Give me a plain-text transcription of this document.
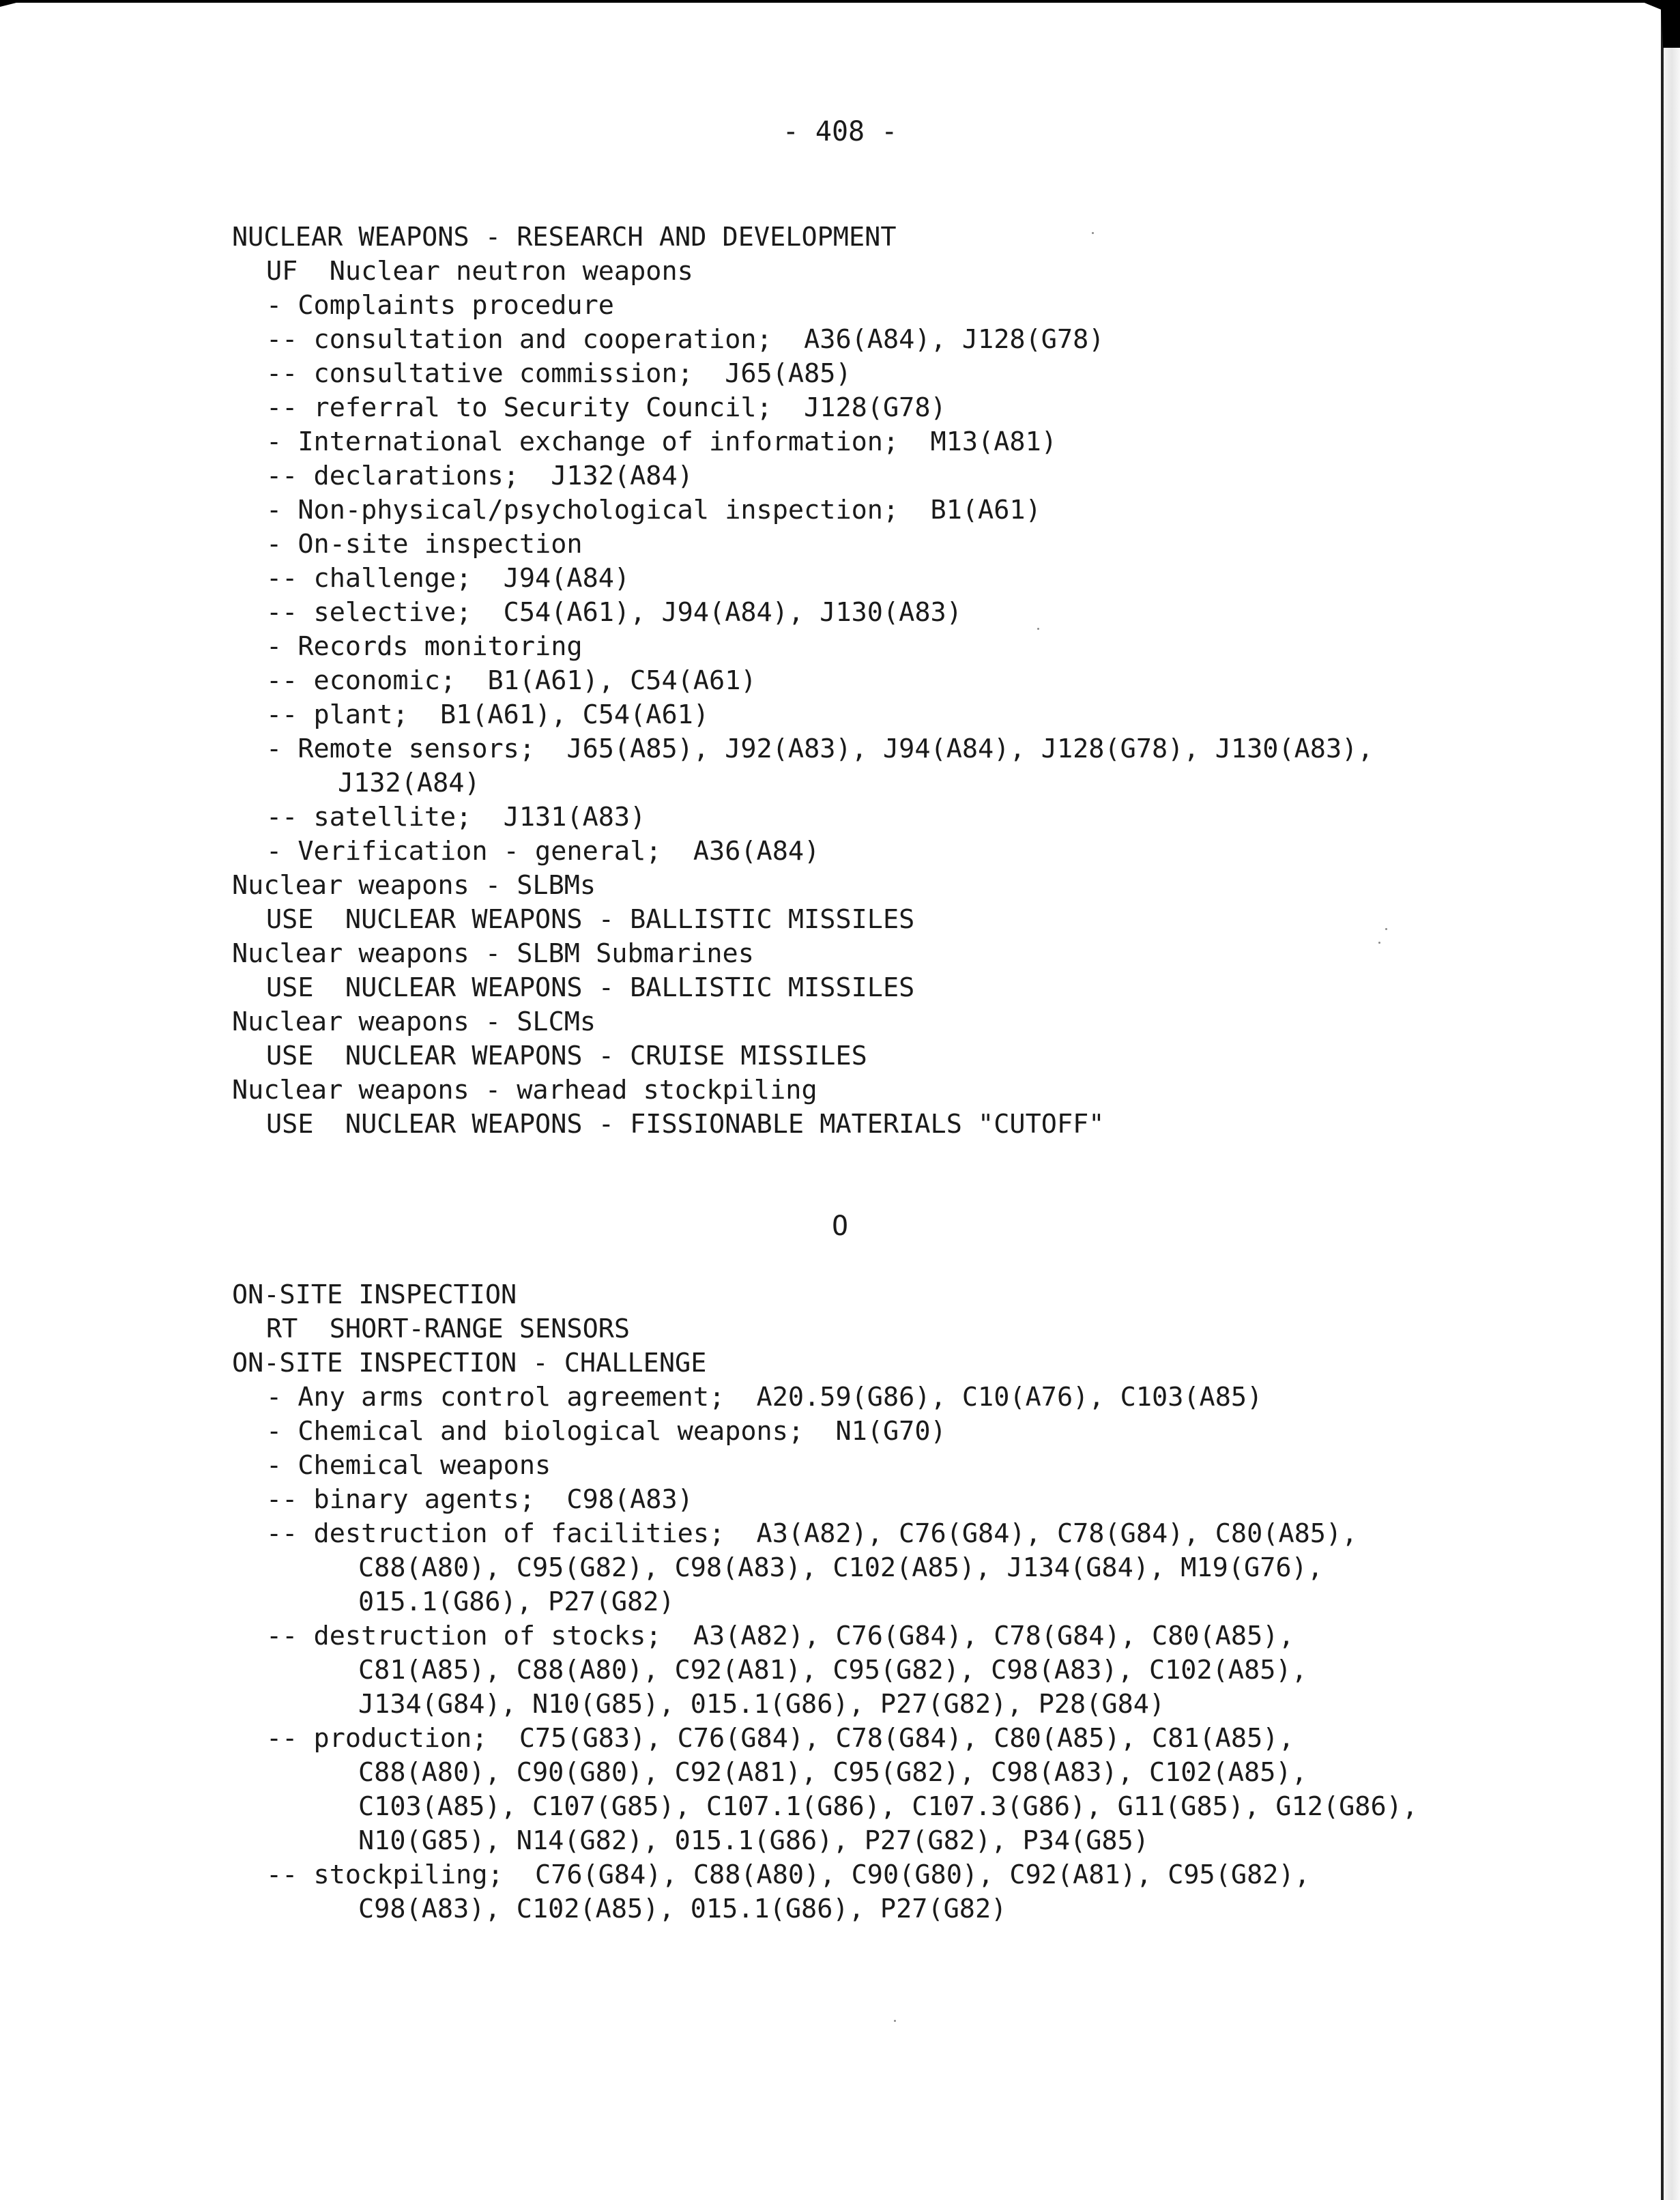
- 408 -
NUCLEAR WEAPONS - RESEARCH AND DEVELOPMENT
UF  Nuclear neutron weapons
- Complaints procedure
-- consultation and cooperation;  A36(A84), J128(G78)
-- consultative commission;  J65(A85)
-- referral to Security Council;  J128(G78)
- International exchange of information;  M13(A81)
-- declarations;  J132(A84)
- Non-physical/psychological inspection;  B1(A61)
- On-site inspection
-- challenge;  J94(A84)
-- selective;  C54(A61), J94(A84), J130(A83)
- Records monitoring
-- economic;  B1(A61), C54(A61)
-- plant;  B1(A61), C54(A61)
- Remote sensors;  J65(A85), J92(A83), J94(A84), J128(G78), J130(A83),
J132(A84)
-- satellite;  J131(A83)
- Verification - general;  A36(A84)
Nuclear weapons - SLBMs
USE  NUCLEAR WEAPONS - BALLISTIC MISSILES
Nuclear weapons - SLBM Submarines
USE  NUCLEAR WEAPONS - BALLISTIC MISSILES
Nuclear weapons - SLCMs
USE  NUCLEAR WEAPONS - CRUISE MISSILES
Nuclear weapons - warhead stockpiling
USE  NUCLEAR WEAPONS - FISSIONABLE MATERIALS "CUTOFF"
O
ON-SITE INSPECTION
RT  SHORT-RANGE SENSORS
ON-SITE INSPECTION - CHALLENGE
- Any arms control agreement;  A20.59(G86), C10(A76), C103(A85)
- Chemical and biological weapons;  N1(G70)
- Chemical weapons
-- binary agents;  C98(A83)
-- destruction of facilities;  A3(A82), C76(G84), C78(G84), C80(A85),
C88(A80), C95(G82), C98(A83), C102(A85), J134(G84), M19(G76),
015.1(G86), P27(G82)
-- destruction of stocks;  A3(A82), C76(G84), C78(G84), C80(A85),
C81(A85), C88(A80), C92(A81), C95(G82), C98(A83), C102(A85),
J134(G84), N10(G85), 015.1(G86), P27(G82), P28(G84)
-- production;  C75(G83), C76(G84), C78(G84), C80(A85), C81(A85),
C88(A80), C90(G80), C92(A81), C95(G82), C98(A83), C102(A85),
C103(A85), C107(G85), C107.1(G86), C107.3(G86), G11(G85), G12(G86),
N10(G85), N14(G82), 015.1(G86), P27(G82), P34(G85)
-- stockpiling;  C76(G84), C88(A80), C90(G80), C92(A81), C95(G82),
C98(A83), C102(A85), 015.1(G86), P27(G82)
